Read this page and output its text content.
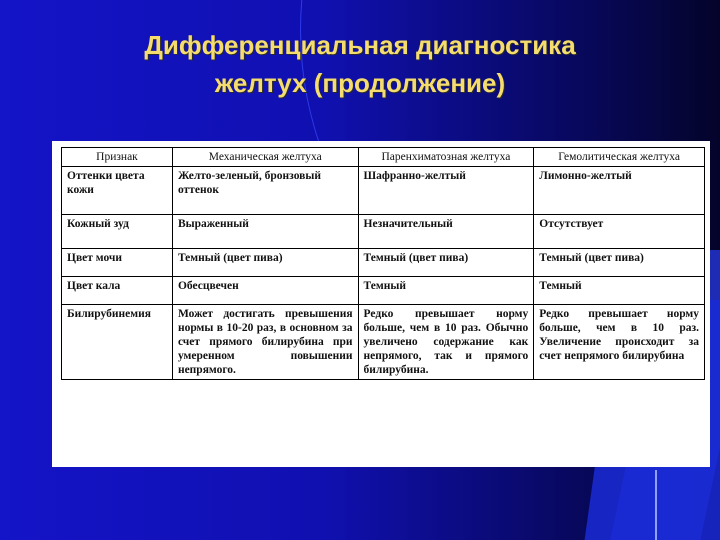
Дифференциальная диагностика
желтух (продолжение)
Признак	Механическая желтуха	Паренхиматозная желтуха	Гемолитическая желтуха
Оттенки цвета кожи	Желто-зеленый, бронзовый оттенок	Шафранно-желтый	Лимонно-желтый
Кожный зуд	Выраженный	Незначительный	Отсутствует
Цвет мочи	Темный (цвет пива)	Темный (цвет пива)	Темный (цвет пива)
Цвет кала	Обесцвечен	Темный	Темный
Билирубинемия	Может достигать превышения нормы в 10-20 раз, в основном за счет прямого билирубина при умеренном повышении непрямого.	Редко превышает норму больше, чем в 10 раз. Обычно увеличено содержание как непрямого, так и прямого билирубина.	Редко превышает норму больше, чем в 10 раз. Увеличение происходит за счет непрямого билирубина
